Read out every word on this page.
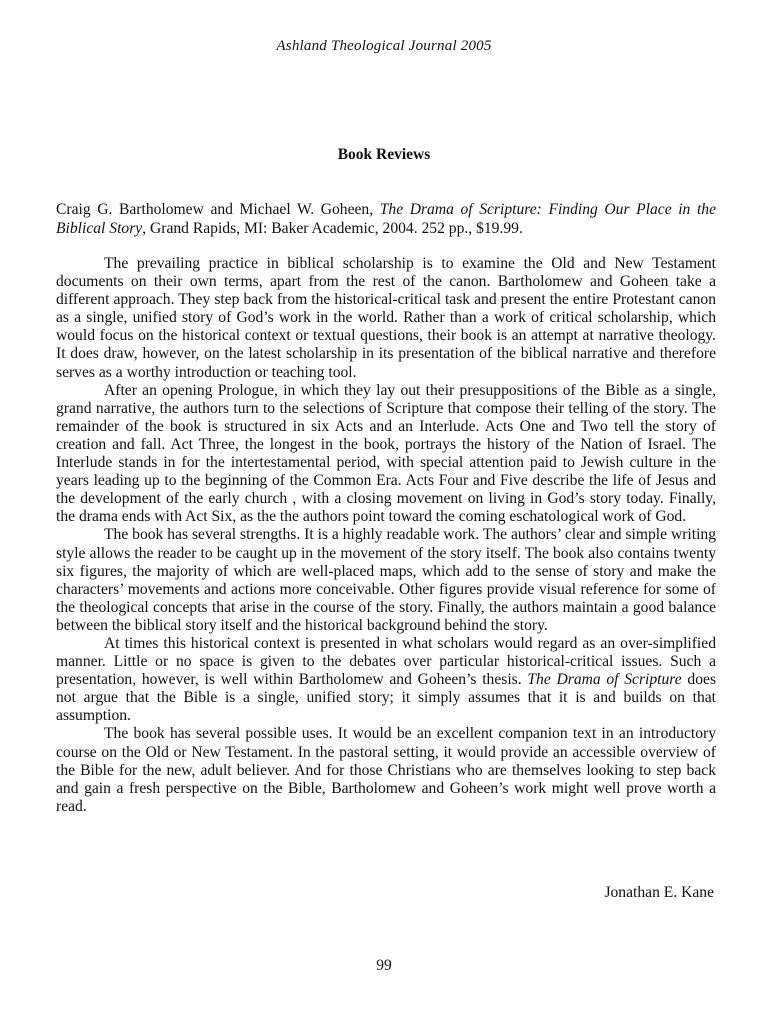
Ashland Theological Journal 2005
Book Reviews
Craig G. Bartholomew and Michael W. Goheen, The Drama of Scripture: Finding Our Place in the Biblical Story, Grand Rapids, MI: Baker Academic, 2004. 252 pp., $19.99.

The prevailing practice in biblical scholarship is to examine the Old and New Testament documents on their own terms, apart from the rest of the canon. Bartholomew and Goheen take a different approach. They step back from the historical-critical task and present the entire Protestant canon as a single, unified story of God’s work in the world. Rather than a work of critical scholarship, which would focus on the historical context or textual questions, their book is an attempt at narrative theology. It does draw, however, on the latest scholarship in its presentation of the biblical narrative and therefore serves as a worthy introduction or teaching tool.

After an opening Prologue, in which they lay out their presuppositions of the Bible as a single, grand narrative, the authors turn to the selections of Scripture that compose their telling of the story. The remainder of the book is structured in six Acts and an Interlude. Acts One and Two tell the story of creation and fall. Act Three, the longest in the book, portrays the history of the Nation of Israel. The Interlude stands in for the intertestamental period, with special attention paid to Jewish culture in the years leading up to the beginning of the Common Era. Acts Four and Five describe the life of Jesus and the development of the early church , with a closing movement on living in God’s story today. Finally, the drama ends with Act Six, as the the authors point toward the coming eschatological work of God.

The book has several strengths. It is a highly readable work. The authors’ clear and simple writing style allows the reader to be caught up in the movement of the story itself. The book also contains twenty six figures, the majority of which are well-placed maps, which add to the sense of story and make the characters’ movements and actions more conceivable. Other figures provide visual reference for some of the theological concepts that arise in the course of the story. Finally, the authors maintain a good balance between the biblical story itself and the historical background behind the story.

At times this historical context is presented in what scholars would regard as an over-simplified manner. Little or no space is given to the debates over particular historical-critical issues. Such a presentation, however, is well within Bartholomew and Goheen’s thesis. The Drama of Scripture does not argue that the Bible is a single, unified story; it simply assumes that it is and builds on that assumption.

The book has several possible uses. It would be an excellent companion text in an introductory course on the Old or New Testament. In the pastoral setting, it would provide an accessible overview of the Bible for the new, adult believer. And for those Christians who are themselves looking to step back and gain a fresh perspective on the Bible, Bartholomew and Goheen’s work might well prove worth a read.

Jonathan E. Kane
99
